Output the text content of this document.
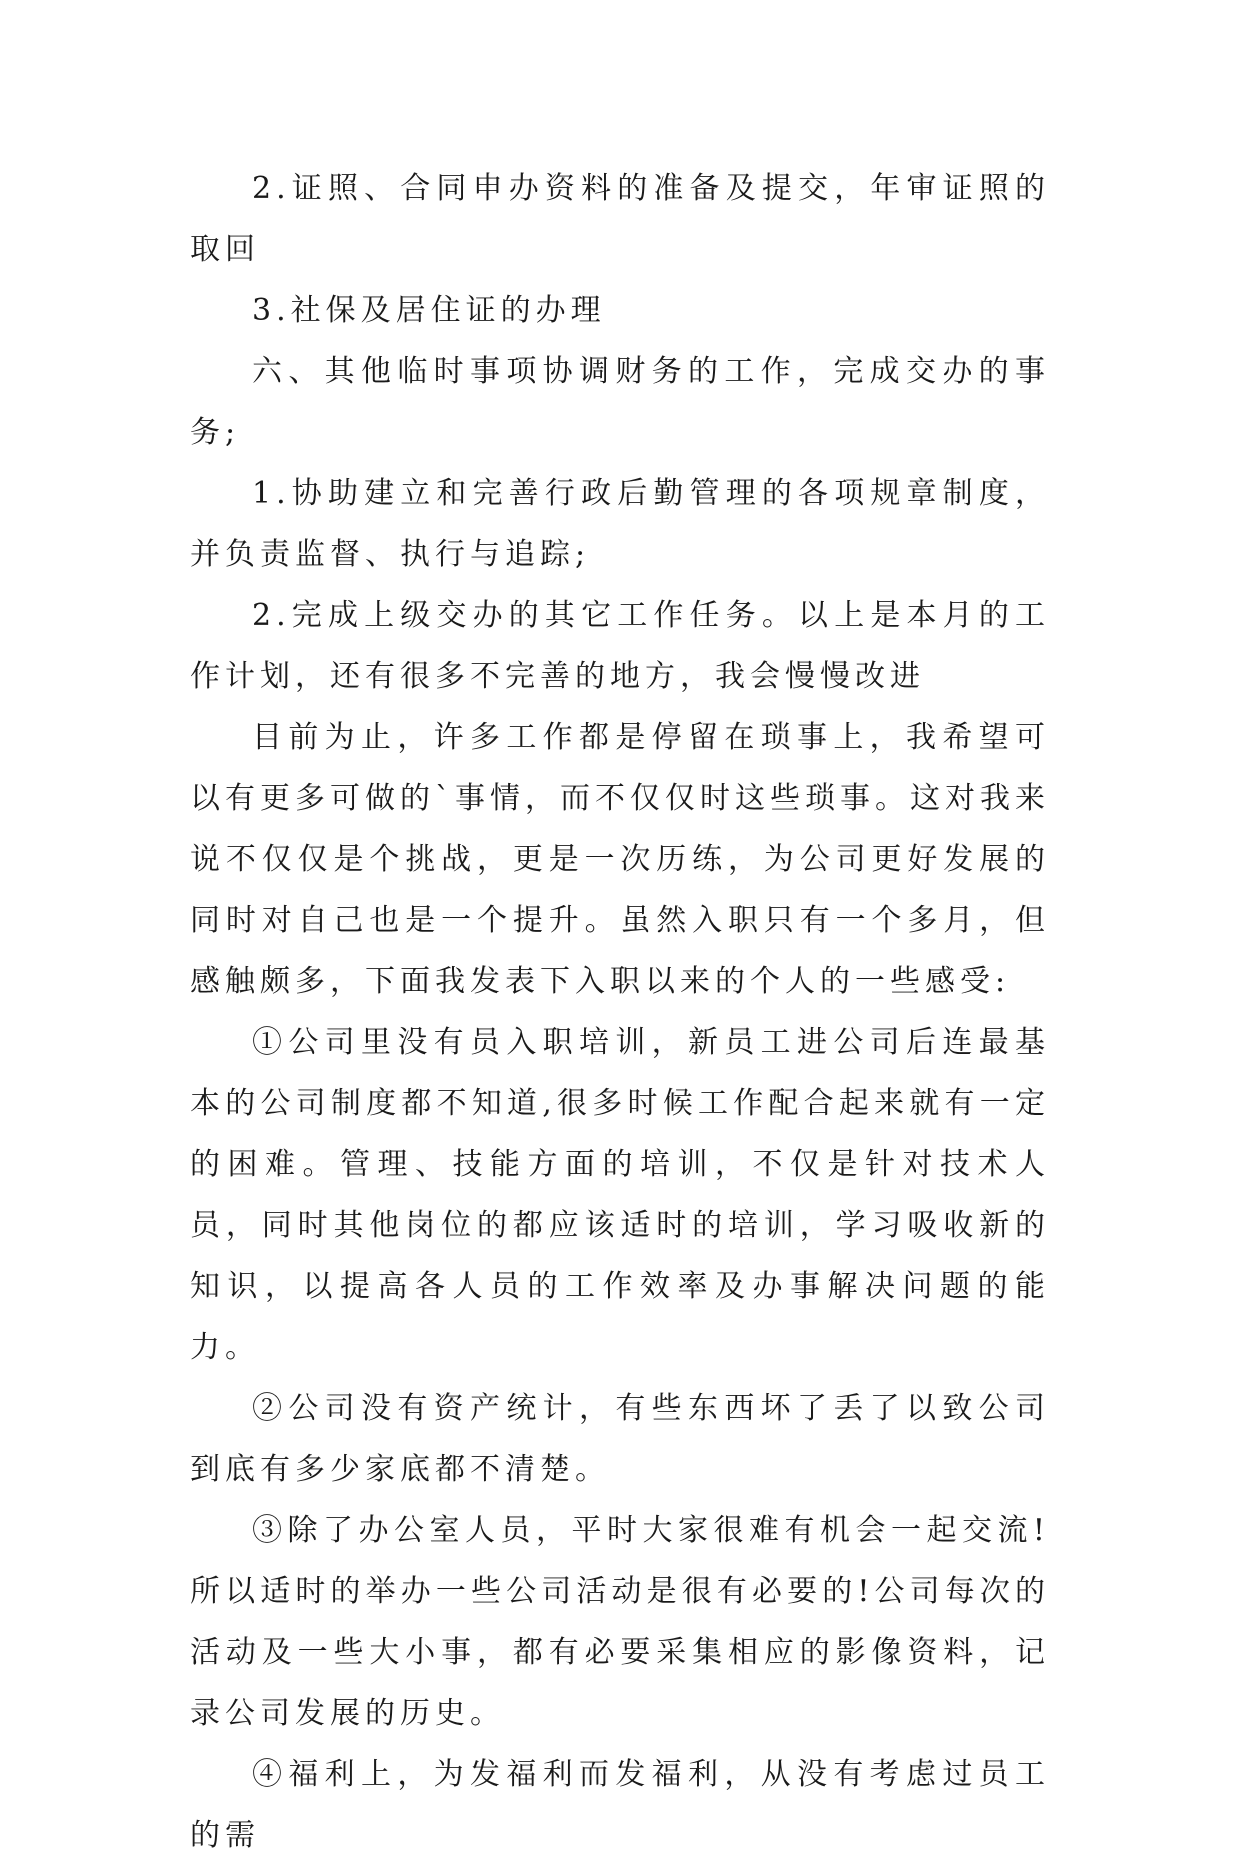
2.证照、合同申办资料的准备及提交，年审证照的取回

3.社保及居住证的办理

六、其他临时事项协调财务的工作，完成交办的事务;

1.协助建立和完善行政后勤管理的各项规章制度，并负责监督、执行与追踪;

2.完成上级交办的其它工作任务。以上是本月的工作计划，还有很多不完善的地方，我会慢慢改进

目前为止，许多工作都是停留在琐事上，我希望可以有更多可做的`事情，而不仅仅时这些琐事。这对我来说不仅仅是个挑战，更是一次历练，为公司更好发展的同时对自己也是一个提升。虽然入职只有一个多月，但感触颇多，下面我发表下入职以来的个人的一些感受:

①公司里没有员入职培训，新员工进公司后连最基本的公司制度都不知道,很多时候工作配合起来就有一定的困难。管理、技能方面的培训，不仅是针对技术人员，同时其他岗位的都应该适时的培训，学习吸收新的知识，以提高各人员的工作效率及办事解决问题的能力。

②公司没有资产统计，有些东西坏了丢了以致公司到底有多少家底都不清楚。

③除了办公室人员，平时大家很难有机会一起交流!所以适时的举办一些公司活动是很有必要的!公司每次的活动及一些大小事，都有必要采集相应的影像资料，记录公司发展的历史。

④福利上，为发福利而发福利，从没有考虑过员工的需
